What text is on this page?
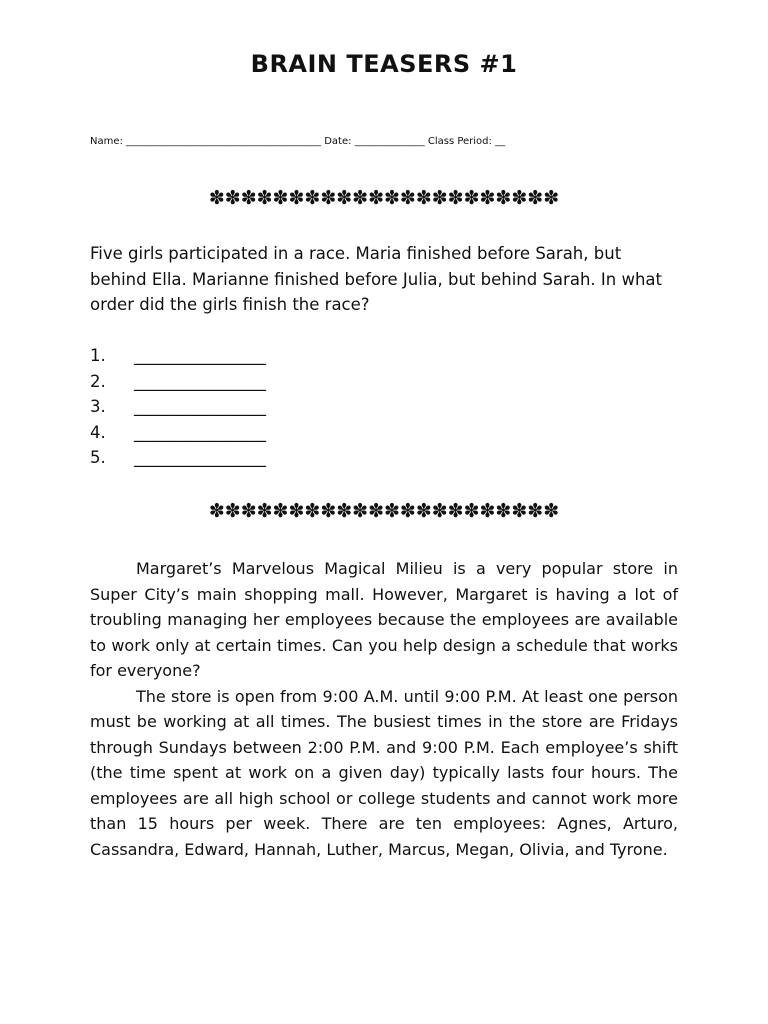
BRAIN TEASERS #1
Name: _______________________________________ Date: ______________ Class Period: __
✽✽✽✽✽✽✽✽✽✽✽✽✽✽✽✽✽✽✽✽✽✽
Five girls participated in a race. Maria finished before Sarah, but behind Ella. Marianne finished before Julia, but behind Sarah. In what order did the girls finish the race?
1.	________________
2.	________________
3.	________________
4.	________________
5.	________________
✽✽✽✽✽✽✽✽✽✽✽✽✽✽✽✽✽✽✽✽✽✽
Margaret’s Marvelous Magical Milieu is a very popular store in Super City’s main shopping mall. However, Margaret is having a lot of troubling managing her employees because the employees are available to work only at certain times. Can you help design a schedule that works for everyone?
The store is open from 9:00 A.M. until 9:00 P.M. At least one person must be working at all times. The busiest times in the store are Fridays through Sundays between 2:00 P.M. and 9:00 P.M. Each employee’s shift (the time spent at work on a given day) typically lasts four hours. The employees are all high school or college students and cannot work more than 15 hours per week. There are ten employees: Agnes, Arturo, Cassandra, Edward, Hannah, Luther, Marcus, Megan, Olivia, and Tyrone.
